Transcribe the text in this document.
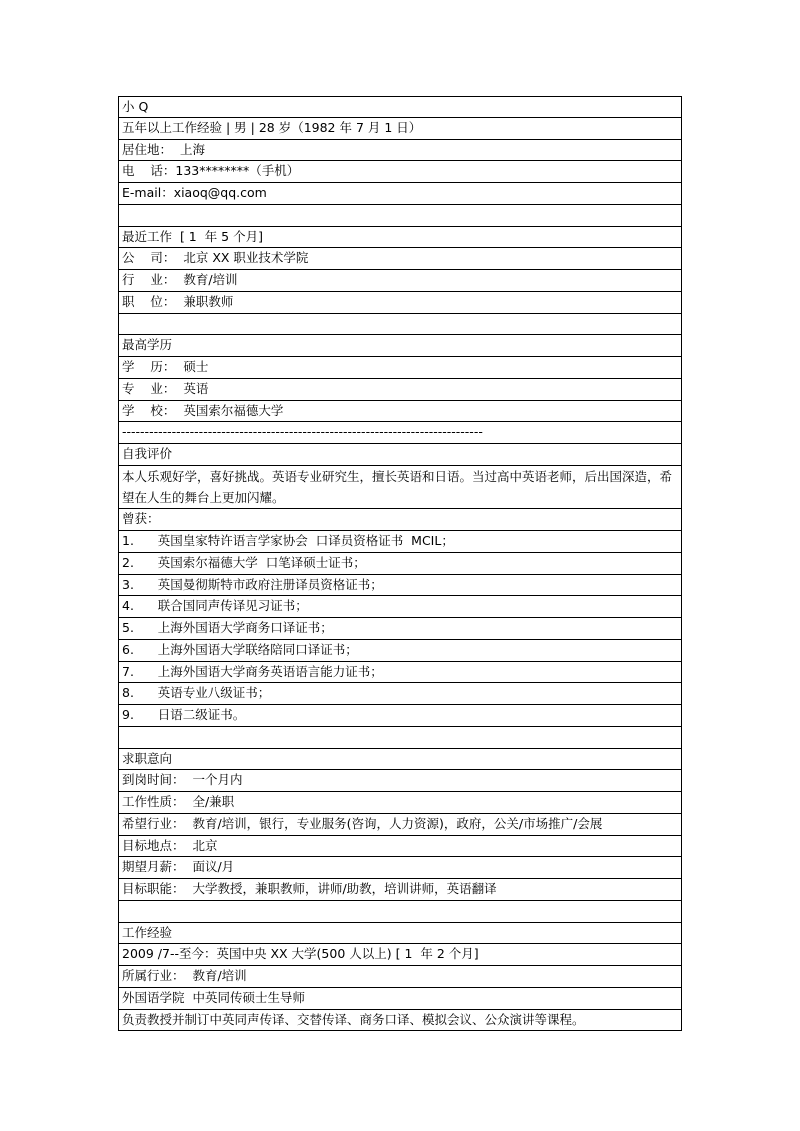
小 Q
五年以上工作经验 | 男 | 28 岁（1982 年 7 月 1 日）
居住地：  上海
电    话：133********（手机）
E-mail：xiaoq@qq.com
最近工作  [ 1  年 5 个月]
公    司：  北京 XX 职业技术学院
行    业：  教育/培训
职    位：  兼职教师
最高学历
学    历：  硕士
专    业：  英语
学    校：  英国索尔福德大学
--------------------------------------------------------------------------------
自我评价
本人乐观好学，喜好挑战。英语专业研究生，擅长英语和日语。当过高中英语老师，后出国深造，希望在人生的舞台上更加闪耀。
曾获：
1.      英国皇家特许语言学家协会  口译员资格证书  MCIL；
2.      英国索尔福德大学  口笔译硕士证书；
3.      英国曼彻斯特市政府注册译员资格证书；
4.      联合国同声传译见习证书；
5.      上海外国语大学商务口译证书；
6.      上海外国语大学联络陪同口译证书；
7.      上海外国语大学商务英语语言能力证书；
8.      英语专业八级证书；
9.      日语二级证书。
求职意向
到岗时间：  一个月内
工作性质：  全/兼职
希望行业：  教育/培训，银行，专业服务(咨询，人力资源)，政府，公关/市场推广/会展
目标地点：  北京
期望月薪：  面议/月
目标职能：  大学教授，兼职教师，讲师/助教，培训讲师，英语翻译
工作经验
2009 /7--至今：英国中央 XX 大学(500 人以上) [ 1  年 2 个月]
所属行业：  教育/培训
外国语学院  中英同传硕士生导师
负责教授并制订中英同声传译、交替传译、商务口译、模拟会议、公众演讲等课程。
